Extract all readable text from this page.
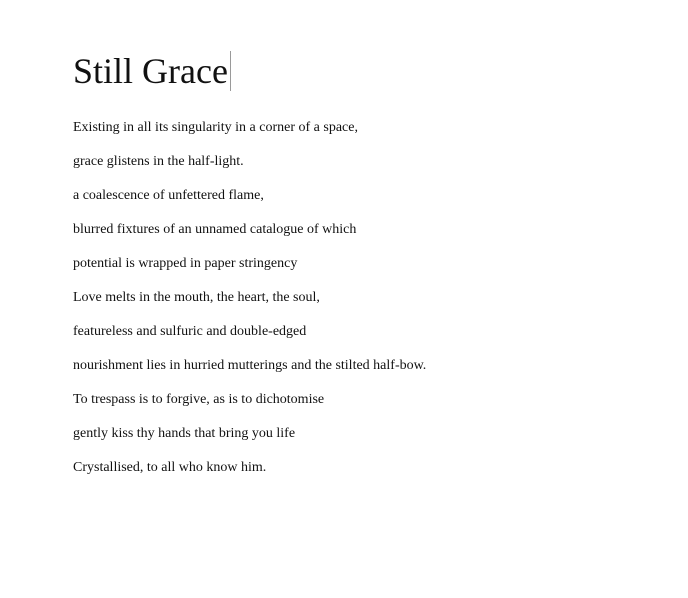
Still Grace

Existing in all its singularity in a corner of a space,

grace glistens in the half-light.

a coalescence of unfettered flame,

blurred fixtures of an unnamed catalogue of which

potential is wrapped in paper stringency

Love melts in the mouth, the heart, the soul,

featureless and sulfuric and double-edged

nourishment lies in hurried mutterings and the stilted half-bow.

To trespass is to forgive, as is to dichotomise

gently kiss thy hands that bring you life

Crystallised, to all who know him.
